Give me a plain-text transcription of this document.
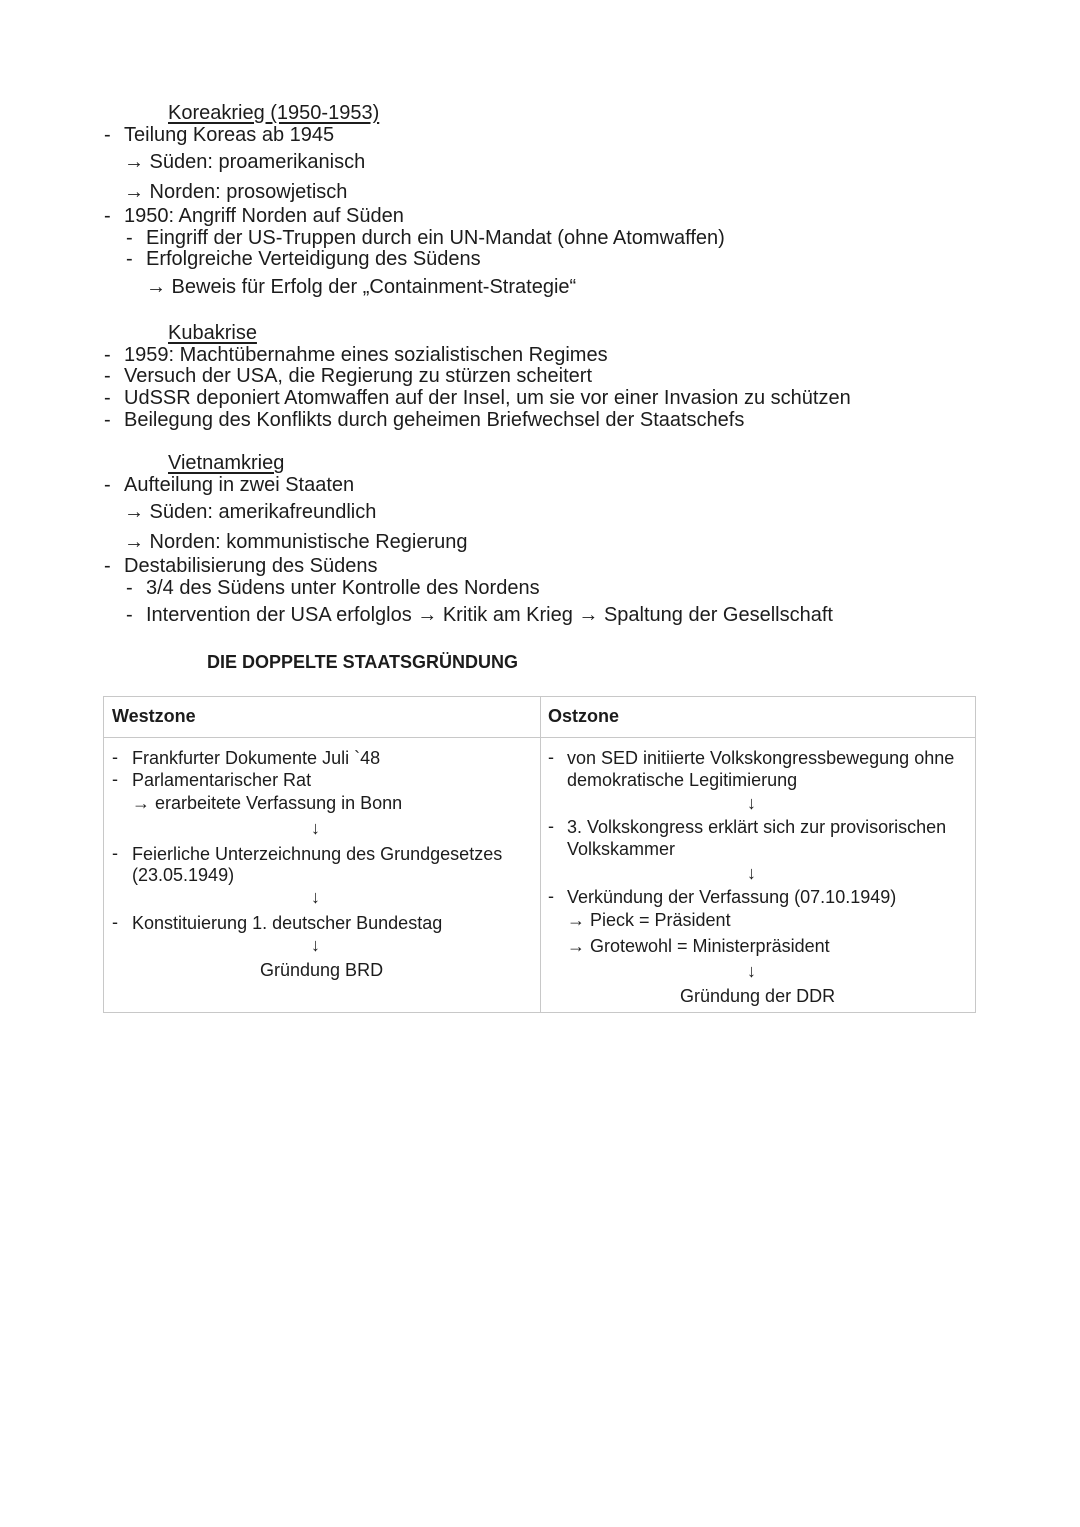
Koreakrieg (1950-1953)
- Teilung Koreas ab 1945
→ Süden: proamerikanisch
→ Norden: prosowjetisch
- 1950: Angriff Norden auf Süden
- Eingriff der US-Truppen durch ein UN-Mandat (ohne Atomwaffen)
- Erfolgreiche Verteidigung des Südens
→ Beweis für Erfolg der „Containment-Strategie“
Kubakrise
- 1959: Machtübernahme eines sozialistischen Regimes
- Versuch der USA, die Regierung zu stürzen scheitert
- UdSSR deponiert Atomwaffen auf der Insel, um sie vor einer Invasion zu schützen
- Beilegung des Konflikts durch geheimen Briefwechsel der Staatschefs
Vietnamkrieg
- Aufteilung in zwei Staaten
→ Süden: amerikafreundlich
→ Norden: kommunistische Regierung
- Destabilisierung des Südens
- 3/4 des Südens unter Kontrolle des Nordens
- Intervention der USA erfolglos → Kritik am Krieg → Spaltung der Gesellschaft
DIE DOPPELTE STAATSGRÜNDUNG
Westzone
- Frankfurter Dokumente Juli `48
- Parlamentarischer Rat
→ erarbeitete Verfassung in Bonn
↓
- Feierliche Unterzeichnung des Grundgesetzes
(23.05.1949)
↓
- Konstituierung 1. deutscher Bundestag
↓
Gründung BRD
Ostzone
- von SED initiierte Volkskongressbewegung ohne
demokratische Legitimierung
↓
- 3. Volkskongress erklärt sich zur provisorischen
Volkskammer
↓
- Verkündung der Verfassung (07.10.1949)
→ Pieck = Präsident
→ Grotewohl = Ministerpräsident
↓
Gründung der DDR
